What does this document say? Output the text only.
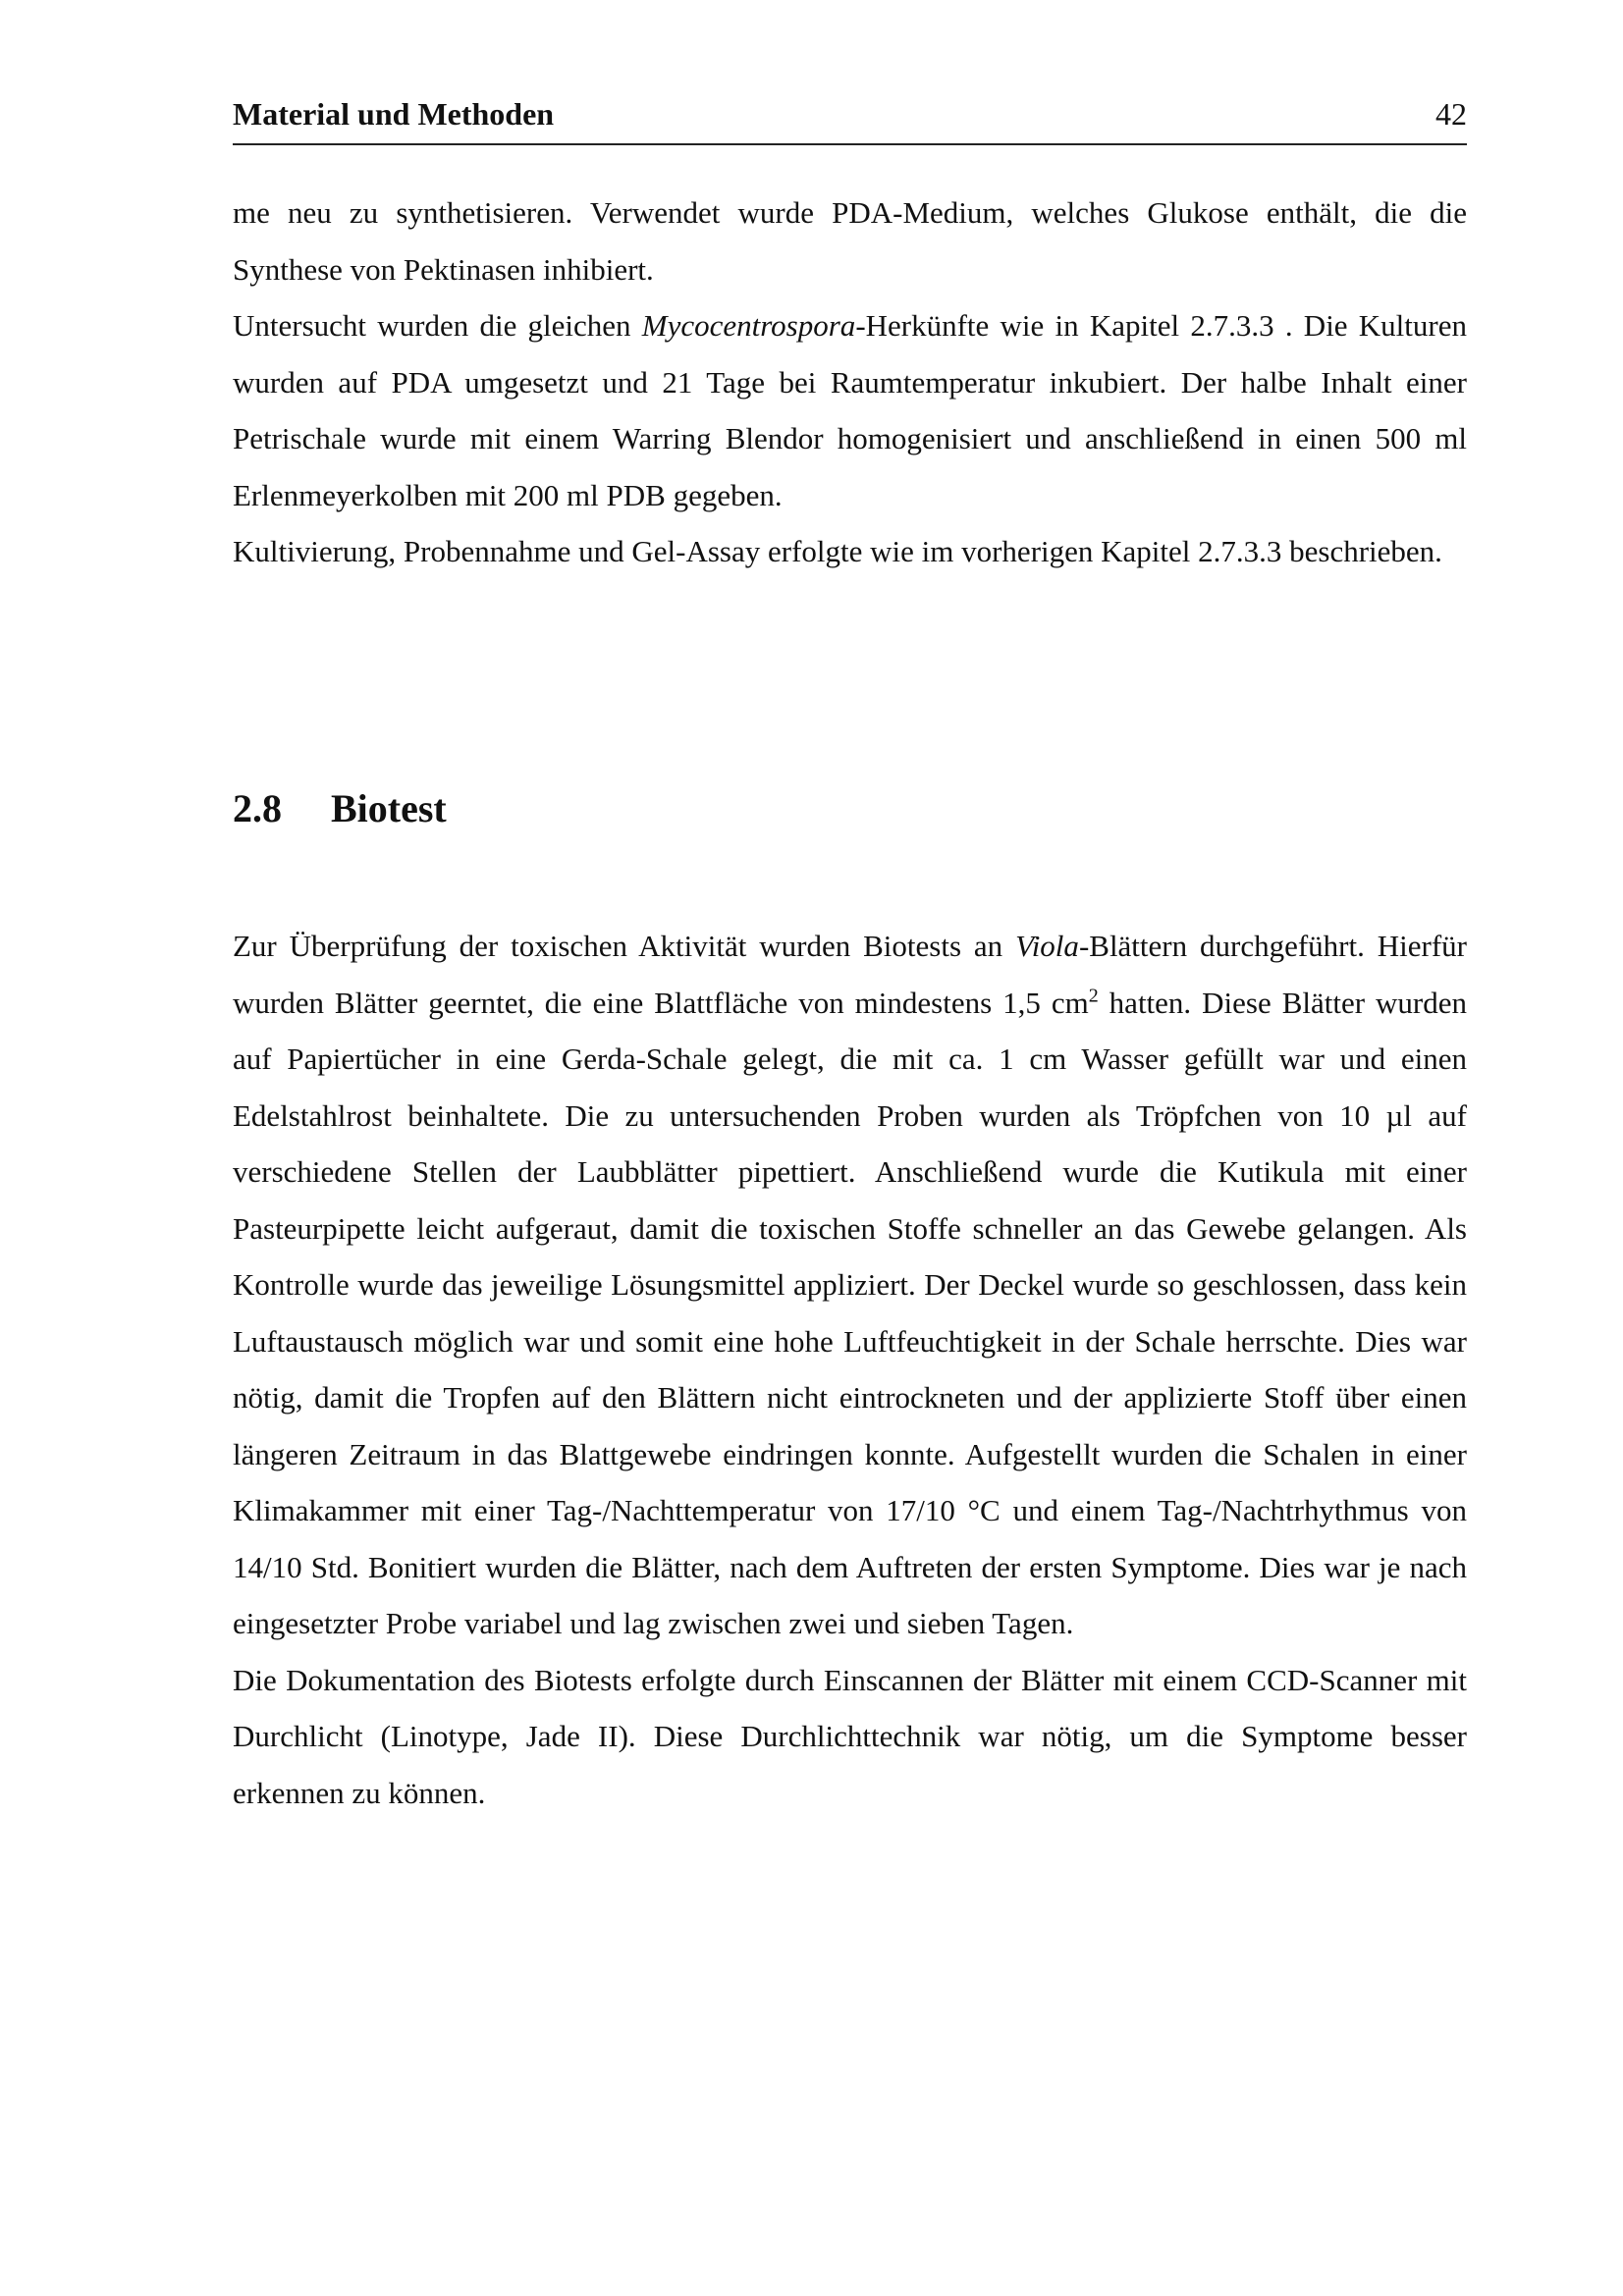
Material und Methoden	42

me neu zu synthetisieren. Verwendet wurde PDA-Medium, welches Glukose enthält, die die Synthese von Pektinasen inhibiert.

Untersucht wurden die gleichen Mycocentrospora-Herkünfte wie in Kapitel 2.7.3.3 . Die Kulturen wurden auf PDA umgesetzt und 21 Tage bei Raumtemperatur inkubiert. Der halbe Inhalt einer Petrischale wurde mit einem Warring Blendor homogenisiert und anschließend in einen 500 ml Erlenmeyerkolben mit 200 ml PDB gegeben.

Kultivierung, Probennahme und Gel-Assay erfolgte wie im vorherigen Kapitel 2.7.3.3 beschrieben.

2.8 Biotest

Zur Überprüfung der toxischen Aktivität wurden Biotests an Viola-Blättern durchgeführt. Hierfür wurden Blätter geerntet, die eine Blattfläche von mindestens 1,5 $cm^2$ hatten. Diese Blätter wurden auf Papiertücher in eine Gerda-Schale gelegt, die mit ca. 1 cm Wasser gefüllt war und einen Edelstahlrost beinhaltete. Die zu untersuchenden Proben wurden als Tröpfchen von 10 µl auf verschiedene Stellen der Laubblätter pipettiert. Anschließend wurde die Kutikula mit einer Pasteurpipette leicht aufgeraut, damit die toxischen Stoffe schneller an das Gewebe gelangen. Als Kontrolle wurde das jeweilige Lösungsmittel appliziert. Der Deckel wurde so geschlossen, dass kein Luftaustausch möglich war und somit eine hohe Luftfeuchtigkeit in der Schale herrschte. Dies war nötig, damit die Tropfen auf den Blättern nicht eintrockneten und der applizierte Stoff über einen längeren Zeitraum in das Blattgewebe eindringen konnte. Aufgestellt wurden die Schalen in einer Klimakammer mit einer Tag-/Nachttemperatur von 17/10 °C und einem Tag-/Nachtrhythmus von 14/10 Std. Bonitiert wurden die Blätter, nach dem Auftreten der ersten Symptome. Dies war je nach eingesetzter Probe variabel und lag zwischen zwei und sieben Tagen.

Die Dokumentation des Biotests erfolgte durch Einscannen der Blätter mit einem CCD-Scanner mit Durchlicht (Linotype, Jade II). Diese Durchlichttechnik war nötig, um die Symptome besser erkennen zu können.
